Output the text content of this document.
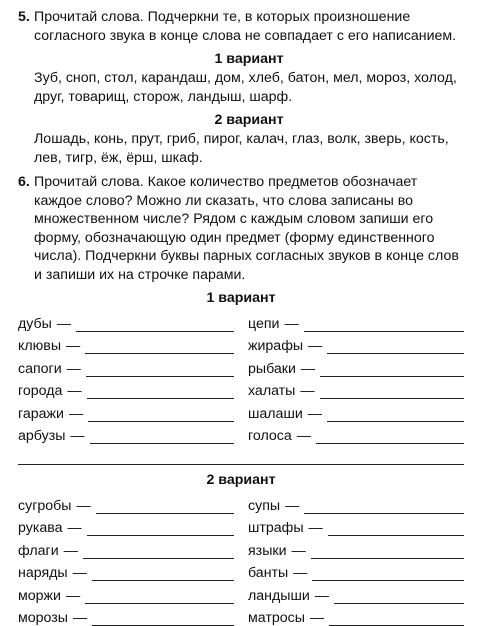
5. Прочитай слова. Подчеркни те, в которых произношение согласного звука в конце слова не совпадает с его написанием.

1 вариант

Зуб, сноп, стол, карандаш, дом, хлеб, батон, мел, мороз, холод, друг, товарищ, сторож, ландыш, шарф.

2 вариант

Лошадь, конь, прут, гриб, пирог, калач, глаз, волк, зверь, кость, лев, тигр, ёж, ёрш, шкаф.

6. Прочитай слова. Какое количество предметов обозначает каждое слово? Можно ли сказать, что слова записаны во множественном числе? Рядом с каждым словом запиши его форму, обозначающую один предмет (форму единственного числа). Подчеркни буквы парных согласных звуков в конце слов и запиши их на строчке парами.

1 вариант
дубы —
клювы —
сапоги —
города —
гаражи —
арбузы —
цепи —
жирафы —
рыбаки —
халаты —
шалаши —
голоса —
2 вариант
сугробы —
рукава —
флаги —
наряды —
моржи —
морозы —
супы —
штрафы —
языки —
банты —
ландыши —
матросы —
